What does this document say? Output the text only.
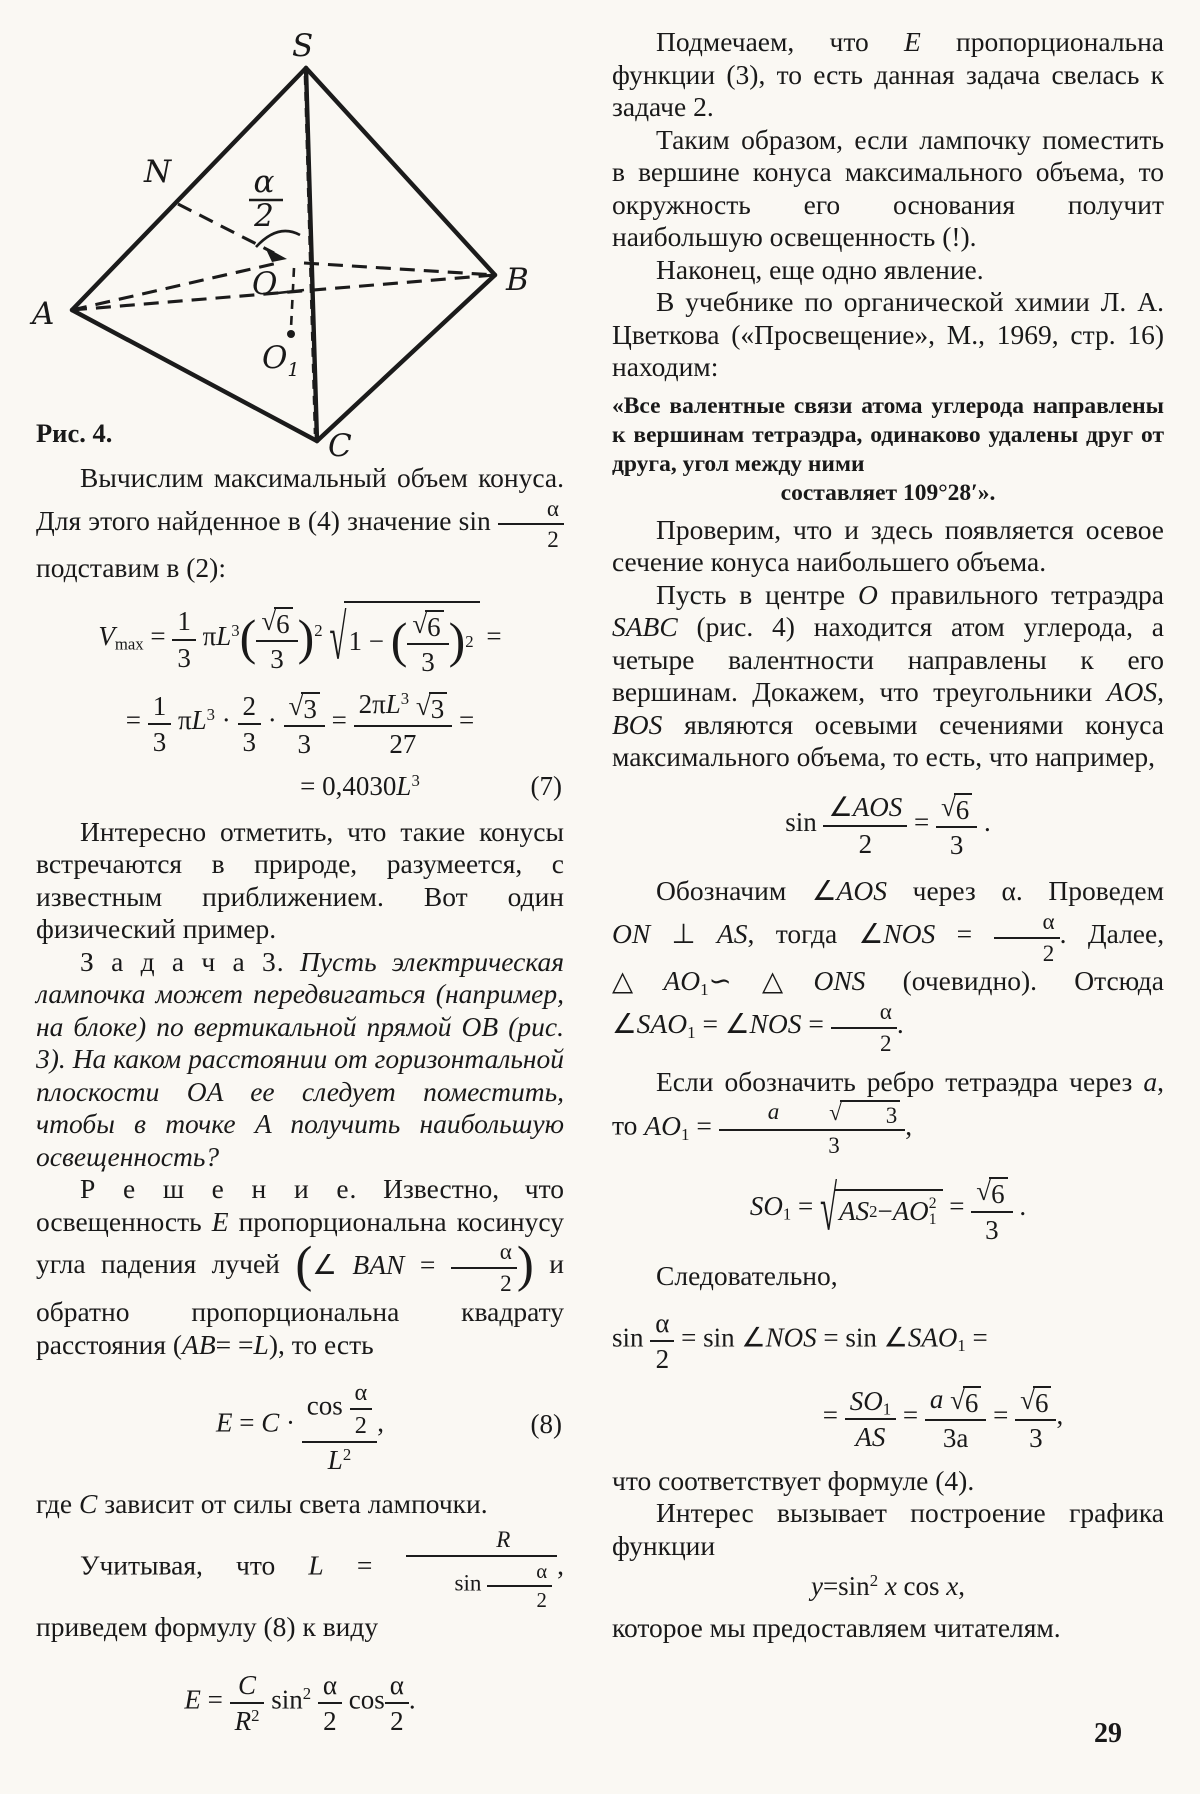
S
N
A
B
C
O
$O_1$
α
2
Рис. 4.

Вычислим максимальный объем конуса. Для этого найденное в (4) значение $\sin \frac{\alpha}{2}$
подставим в (2):

$V_{max} = \frac{1}{3} \pi L^3( \frac{√ 6}{3} )^2$ √ 1 −
( √ 6
3 ) 2 =
= $\frac{1}{3} \pi L^3 \cdot \frac{2}{3} \cdot \frac{√ 3}{3} = \frac{2\pi L^3 √ 3}{27}$ =
= $0,4030L^3$	(7)

Интересно отметить, что такие конусы встречаются в природе, разумеется, с известным приближением. Вот один физический пример.

З а д а ч а 3. Пусть электрическая лампочка может передвигаться (например, на блоке) по вертикальной прямой OB (рис. 3). На каком расстоянии от горизонтальной плоскости OA ее следует поместить, чтобы в точке A получить наибольшую освещенность?

Р е ш е н и е. Известно, что освещенность E пропорциональна косинусу угла падения лучей (∠ BAN = $\frac{\alpha}{2}$ ) и обратно пропорциональна квадрату расстояния (AB= =L), то есть

$E = C \cdot \frac{\cos \frac{\alpha}{2}}{L^2}$ ,	(8)

где C зависит от силы света лампочки.

Учитывая, что $L = \frac{R}{\sin \frac{\alpha}{2}}$ , приведем формулу (8) к виду

$E = \frac{C}{R^2} \sin^2 \frac{\alpha}{2}$ $\cos \frac{\alpha}{2}$ .

Подмечаем, что E пропорциональна функции (3), то есть данная задача свелась к задаче 2.

Таким образом, если лампочку поместить в вершине конуса максимального объема, то окружность его основания получит наибольшую освещенность (!).

Наконец, еще одно явление.

В учебнике по органической химии Л. А. Цветкова («Просвещение», М., 1969, стр. 16) находим:

«Все валентные связи атома углерода направлены к вершинам тетраэдра, одинаково удалены друг от друга, угол между ними
составляет 109°28′».

Проверим, что и здесь появляется осевое сечение конуса наибольшего объема.

Пусть в центре O правильного тетраэдра SABC (рис. 4) находится атом углерода, а четыре валентности направлены к его вершинам. Докажем, что треугольники AOS, BOS являются осевыми сечениями конуса максимального объема, то есть, что например,

sin ∠AOS
2
= $\frac{√ 6}{3}$ .

Обозначим ∠AOS через α. Проведем ON ⊥ AS, тогда ∠NOS = $\frac{\alpha}{2}$ . Далее, $\triangle AO_1∽\triangle ONS$ (очевидно). Отсюда $\angle SAO_1$ = ∠NOS = $\frac{\alpha}{2}$ .

Если обозначить ребро тетраэдра через a, то $AO_1 = a$	√	3
3 ,

$SO_1$ = √ AS 2 − AO 2
$1 = \frac{√ 6}{3}$ .

Следовательно,

$\sin \frac{\alpha}{2} = \sin$ ∠NOS = $\sin \angle SAO_1$ =
= $\frac{SO_1}{AS} = \frac{a √ 6}{3a} = \frac{√ 6}{3}$ ,

что соответствует формуле (4).

Интерес вызывает построение графика функции

$y=\sin^2$ x cos x,

которое мы предоставляем читателям.

29
